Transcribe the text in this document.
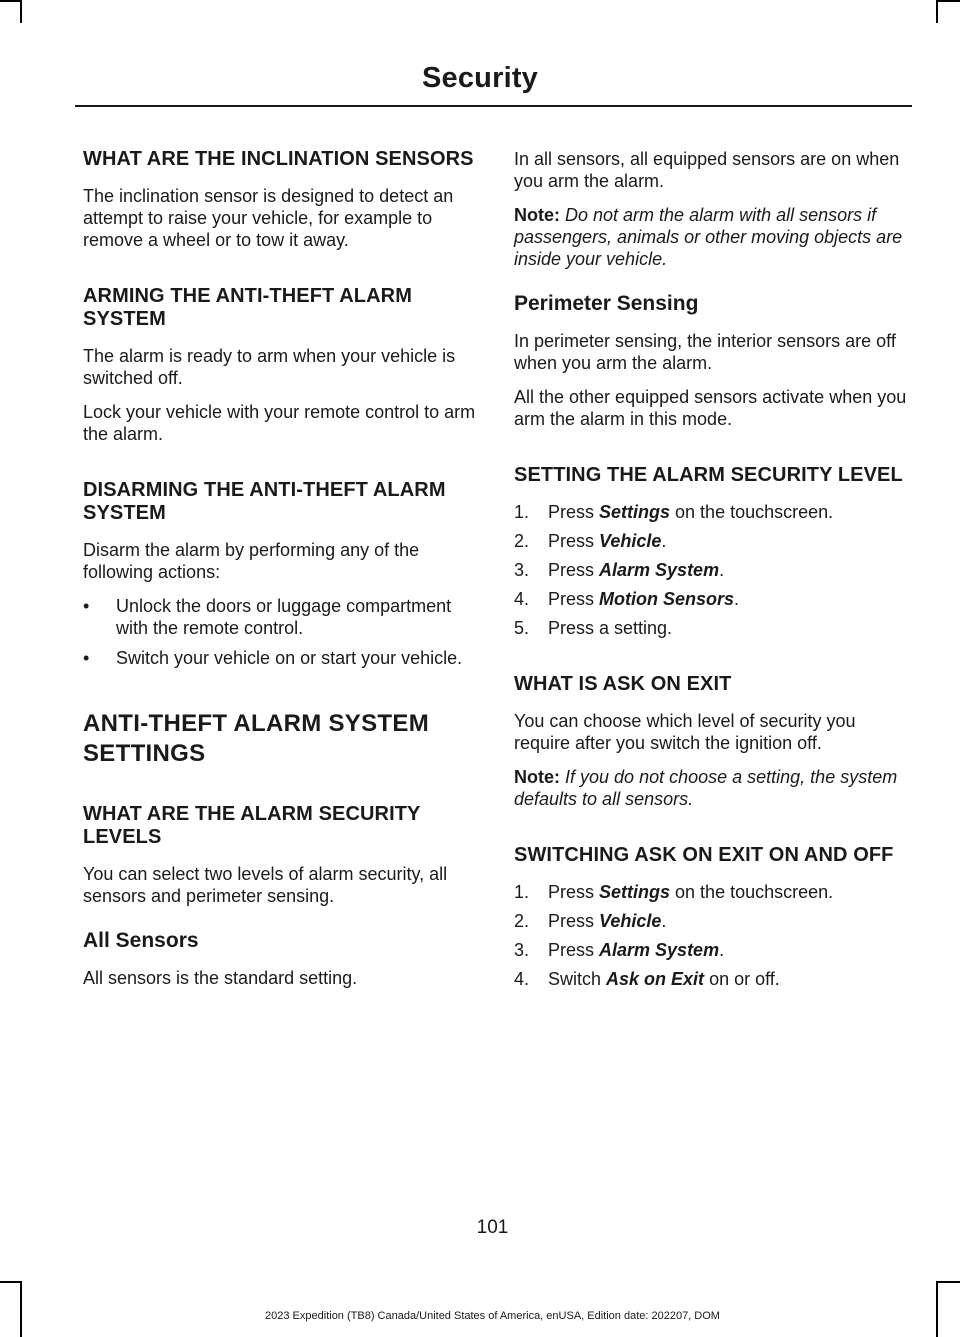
Security
WHAT ARE THE INCLINATION SENSORS

The inclination sensor is designed to detect an attempt to raise your vehicle, for example to remove a wheel or to tow it away.

ARMING THE ANTI-THEFT ALARM SYSTEM

The alarm is ready to arm when your vehicle is switched off.

Lock your vehicle with your remote control to arm the alarm.

DISARMING THE ANTI-THEFT ALARM SYSTEM

Disarm the alarm by performing any of the following actions:

• Unlock the doors or luggage compartment with the remote control.
• Switch your vehicle on or start your vehicle.
ANTI-THEFT ALARM SYSTEM
SETTINGS
WHAT ARE THE ALARM SECURITY LEVELS

You can select two levels of alarm security, all sensors and perimeter sensing.

All Sensors

All sensors is the standard setting.

In all sensors, all equipped sensors are on when you arm the alarm.

Note: Do not arm the alarm with all sensors if passengers, animals or other moving objects are inside your vehicle.

Perimeter Sensing

In perimeter sensing, the interior sensors are off when you arm the alarm.

All the other equipped sensors activate when you arm the alarm in this mode.

SETTING THE ALARM SECURITY LEVEL
1.	Press Settings on the touchscreen.
2.	Press Vehicle.
3.	Press Alarm System.
4.	Press Motion Sensors.
5.	Press a setting.
WHAT IS ASK ON EXIT

You can choose which level of security you require after you switch the ignition off.

Note: If you do not choose a setting, the system defaults to all sensors.

SWITCHING ASK ON EXIT ON AND OFF
1.	Press Settings on the touchscreen.
2.	Press Vehicle.
3.	Press Alarm System.
4.	Switch Ask on Exit on or off.
101
2023 Expedition (TB8) Canada/United States of America, enUSA, Edition date: 202207, DOM
